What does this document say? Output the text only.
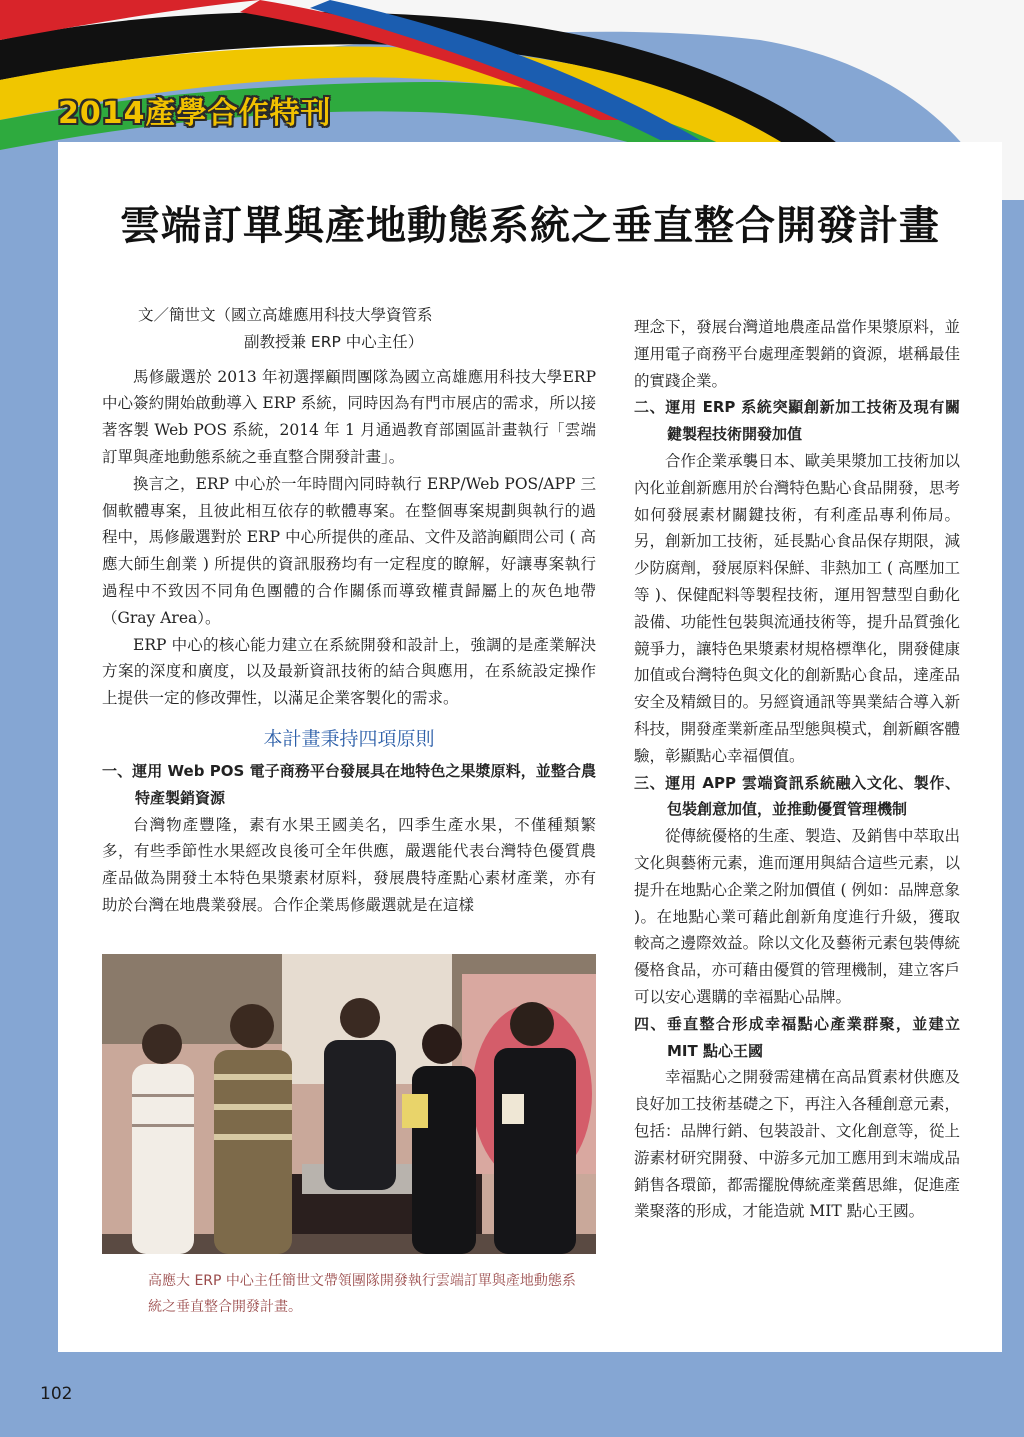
2014產學合作特刊
雲端訂單與產地動態系統之垂直整合開發計畫

文／簡世文（國立高雄應用科技大學資管系

副教授兼 ERP 中心主任）

馬修嚴選於 2013 年初選擇顧問團隊為國立高雄應用科技大學ERP 中心簽約開始啟動導入 ERP 系統，同時因為有門市展店的需求，所以接著客製 Web POS 系統，2014 年 1 月通過教育部園區計畫執行「雲端訂單與產地動態系統之垂直整合開發計畫」。

換言之，ERP 中心於一年時間內同時執行 ERP/Web POS/APP 三個軟體專案，且彼此相互依存的軟體專案。在整個專案規劃與執行的過程中，馬修嚴選對於 ERP 中心所提供的產品、文件及諮詢顧問公司 ( 高應大師生創業 ) 所提供的資訊服務均有一定程度的瞭解，好讓專案執行過程中不致因不同角色團體的合作關係而導致權責歸屬上的灰色地帶（Gray Area）。

ERP 中心的核心能力建立在系統開發和設計上，強調的是產業解決方案的深度和廣度，以及最新資訊技術的結合與應用，在系統設定操作上提供一定的修改彈性，以滿足企業客製化的需求。

本計畫秉持四項原則

一、運用 Web POS 電子商務平台發展具在地特色之果漿原料，並整合農特產製銷資源

台灣物產豐隆，素有水果王國美名，四季生產水果，不僅種類繁多，有些季節性水果經改良後可全年供應，嚴選能代表台灣特色優質農產品做為開發土本特色果漿素材原料，發展農特產點心素材產業，亦有助於台灣在地農業發展。合作企業馬修嚴選就是在這樣

高應大 ERP 中心主任簡世文帶領團隊開發執行雲端訂單與產地動態系統之垂直整合開發計畫。

理念下，發展台灣道地農產品當作果漿原料，並運用電子商務平台處理產製銷的資源，堪稱最佳的實踐企業。

二、運用 ERP 系統突顯創新加工技術及現有關鍵製程技術開發加值

合作企業承襲日本、歐美果漿加工技術加以內化並創新應用於台灣特色點心食品開發，思考如何發展素材關鍵技術，有利產品專利佈局。另，創新加工技術，延長點心食品保存期限，減少防腐劑，發展原料保鮮、非熱加工 ( 高壓加工等 )、保健配料等製程技術，運用智慧型自動化設備、功能性包裝與流通技術等，提升品質強化競爭力，讓特色果漿素材規格標準化，開發健康加值或台灣特色與文化的創新點心食品，達產品安全及精緻目的。另經資通訊等異業結合導入新科技，開發產業新產品型態與模式，創新顧客體驗，彰顯點心幸福價值。

三、運用 APP 雲端資訊系統融入文化、製作、包裝創意加值，並推動優質管理機制

從傳統優格的生產、製造、及銷售中萃取出文化與藝術元素，進而運用與結合這些元素，以提升在地點心企業之附加價值 ( 例如：品牌意象 )。在地點心業可藉此創新角度進行升級，獲取較高之邊際效益。除以文化及藝術元素包裝傳統優格食品，亦可藉由優質的管理機制，建立客戶可以安心選購的幸福點心品牌。

四、垂直整合形成幸福點心產業群聚，並建立 MIT 點心王國

幸福點心之開發需建構在高品質素材供應及良好加工技術基礎之下，再注入各種創意元素，包括：品牌行銷、包裝設計、文化創意等，從上游素材研究開發、中游多元加工應用到末端成品銷售各環節，都需擺脫傳統產業舊思維，促進產業聚落的形成，才能造就 MIT 點心王國。

102
